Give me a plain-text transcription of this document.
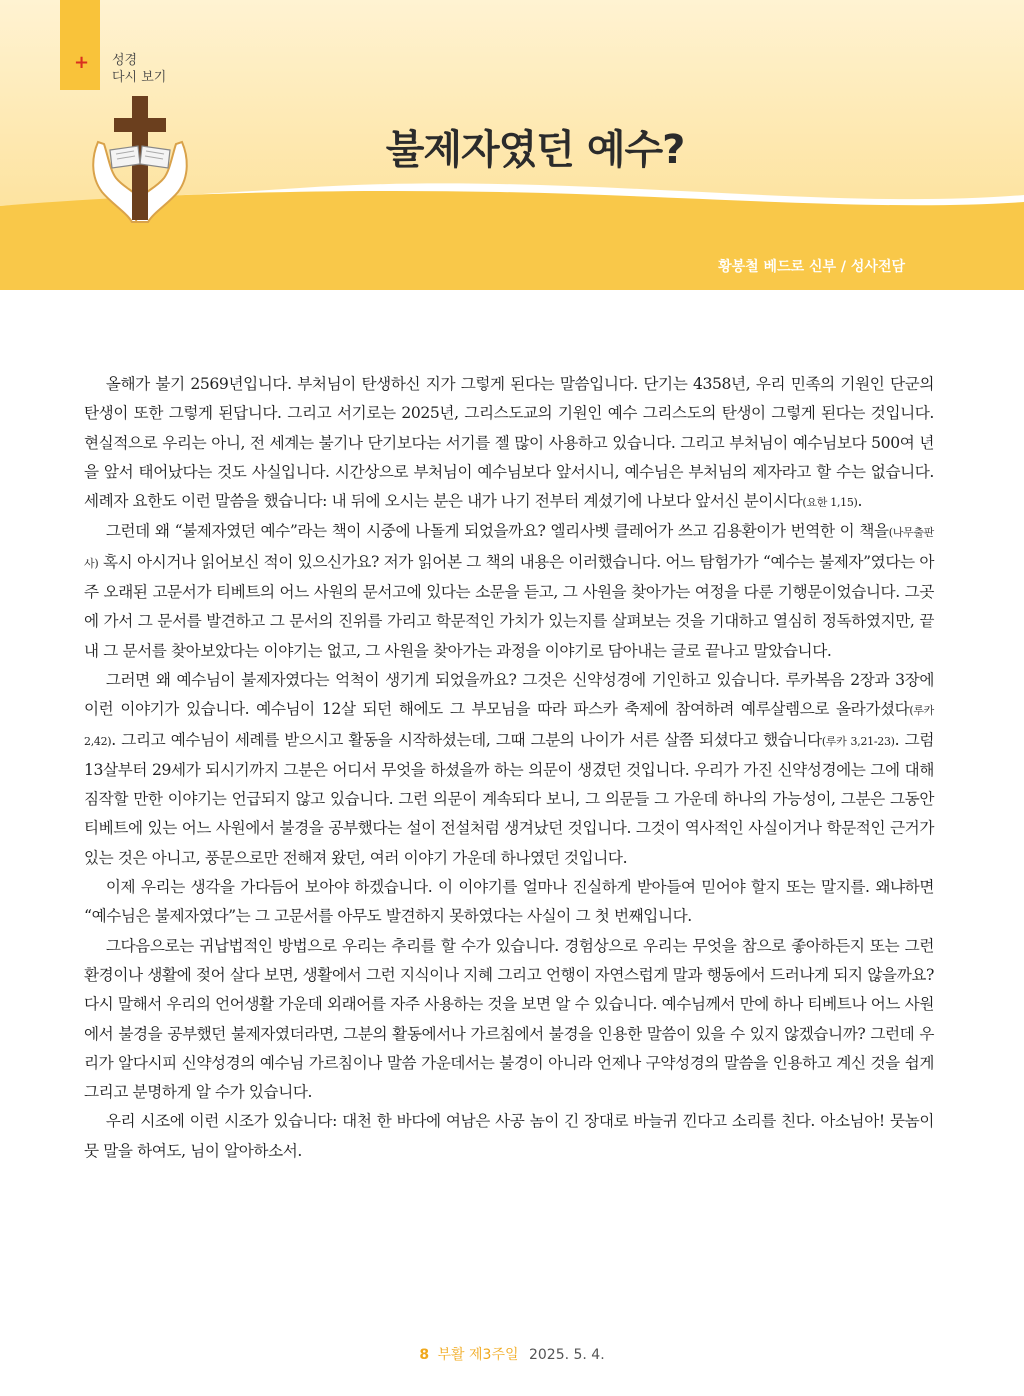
+ 성경
다시 보기
불제자였던 예수?
황봉철 베드로 신부 / 성사전담

올해가 불기 2569년입니다. 부처님이 탄생하신 지가 그렇게 된다는 말씀입니다. 단기는 4358년, 우리 민족의 기원인 단군의 탄생이 또한 그렇게 된답니다. 그리고 서기로는 2025년, 그리스도교의 기원인 예수 그리스도의 탄생이 그렇게 된다는 것입니다. 현실적으로 우리는 아니, 전 세계는 불기나 단기보다는 서기를 젤 많이 사용하고 있습니다. 그리고 부처님이 예수님보다 500여 년을 앞서 태어났다는 것도 사실입니다. 시간상으로 부처님이 예수님보다 앞서시니, 예수님은 부처님의 제자라고 할 수는 없습니다. 세례자 요한도 이런 말씀을 했습니다: 내 뒤에 오시는 분은 내가 나기 전부터 계셨기에 나보다 앞서신 분이시다(요한 1,15).

그런데 왜 “불제자였던 예수”라는 책이 시중에 나돌게 되었을까요? 엘리사벳 클레어가 쓰고 김용환이가 번역한 이 책을(나무출판사) 혹시 아시거나 읽어보신 적이 있으신가요? 저가 읽어본 그 책의 내용은 이러했습니다. 어느 탐험가가 “예수는 불제자”였다는 아주 오래된 고문서가 티베트의 어느 사원의 문서고에 있다는 소문을 듣고, 그 사원을 찾아가는 여정을 다룬 기행문이었습니다. 그곳에 가서 그 문서를 발견하고 그 문서의 진위를 가리고 학문적인 가치가 있는지를 살펴보는 것을 기대하고 열심히 정독하였지만, 끝내 그 문서를 찾아보았다는 이야기는 없고, 그 사원을 찾아가는 과정을 이야기로 담아내는 글로 끝나고 말았습니다.

그러면 왜 예수님이 불제자였다는 억척이 생기게 되었을까요? 그것은 신약성경에 기인하고 있습니다. 루카복음 2장과 3장에 이런 이야기가 있습니다. 예수님이 12살 되던 해에도 그 부모님을 따라 파스카 축제에 참여하려 예루살렘으로 올라가셨다(루카 2,42). 그리고 예수님이 세례를 받으시고 활동을 시작하셨는데, 그때 그분의 나이가 서른 살쯤 되셨다고 했습니다(루카 3,21-23). 그럼 13살부터 29세가 되시기까지 그분은 어디서 무엇을 하셨을까 하는 의문이 생겼던 것입니다. 우리가 가진 신약성경에는 그에 대해 짐작할 만한 이야기는 언급되지 않고 있습니다. 그런 의문이 계속되다 보니, 그 의문들 그 가운데 하나의 가능성이, 그분은 그동안 티베트에 있는 어느 사원에서 불경을 공부했다는 설이 전설처럼 생겨났던 것입니다. 그것이 역사적인 사실이거나 학문적인 근거가 있는 것은 아니고, 풍문으로만 전해져 왔던, 여러 이야기 가운데 하나였던 것입니다.

이제 우리는 생각을 가다듬어 보아야 하겠습니다. 이 이야기를 얼마나 진실하게 받아들여 믿어야 할지 또는 말지를. 왜냐하면 “예수님은 불제자였다”는 그 고문서를 아무도 발견하지 못하였다는 사실이 그 첫 번째입니다.

그다음으로는 귀납법적인 방법으로 우리는 추리를 할 수가 있습니다. 경험상으로 우리는 무엇을 참으로 좋아하든지 또는 그런 환경이나 생활에 젖어 살다 보면, 생활에서 그런 지식이나 지혜 그리고 언행이 자연스럽게 말과 행동에서 드러나게 되지 않을까요? 다시 말해서 우리의 언어생활 가운데 외래어를 자주 사용하는 것을 보면 알 수 있습니다. 예수님께서 만에 하나 티베트나 어느 사원에서 불경을 공부했던 불제자였더라면, 그분의 활동에서나 가르침에서 불경을 인용한 말씀이 있을 수 있지 않겠습니까? 그런데 우리가 알다시피 신약성경의 예수님 가르침이나 말씀 가운데서는 불경이 아니라 언제나 구약성경의 말씀을 인용하고 계신 것을 쉽게 그리고 분명하게 알 수가 있습니다.

우리 시조에 이런 시조가 있습니다: 대천 한 바다에 여남은 사공 놈이 긴 장대로 바늘귀 낀다고 소리를 친다. 아소님아! 뭇놈이 뭇 말을 하여도, 님이 알아하소서.

8 부활 제3주일 2025. 5. 4.
